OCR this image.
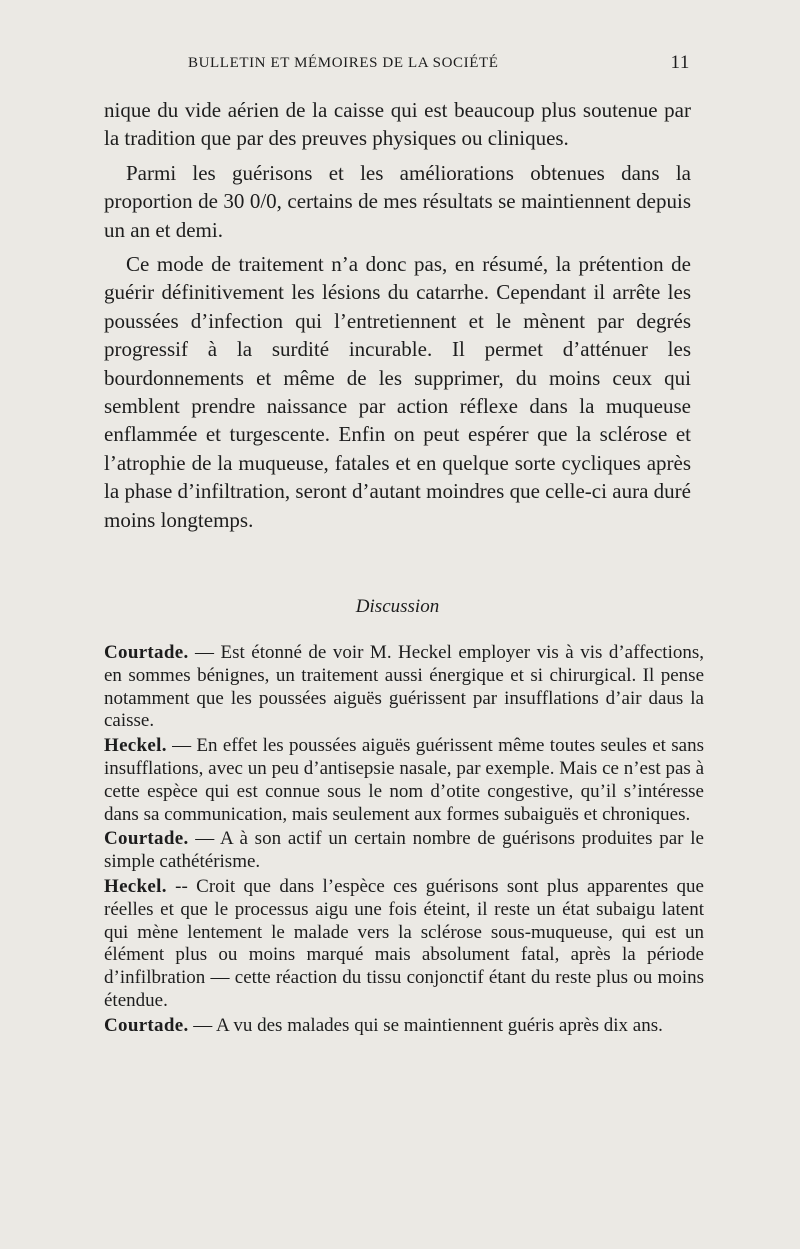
BULLETIN ET MÉMOIRES DE LA SOCIÉTÉ	11

nique du vide aérien de la caisse qui est beaucoup plus soutenue par la tradition que par des preuves physiques ou cliniques.

Parmi les guérisons et les améliorations obtenues dans la proportion de 30 0/0, certains de mes résultats se maintiennent depuis un an et demi.

Ce mode de traitement n’a donc pas, en résumé, la prétention de guérir définitivement les lésions du catarrhe. Cependant il arrête les poussées d’infection qui l’entretiennent et le mènent par degrés progressif à la surdité incurable. Il permet d’atténuer les bourdonnements et même de les supprimer, du moins ceux qui semblent prendre naissance par action réflexe dans la muqueuse enflammée et turgescente. Enfin on peut espérer que la sclérose et l’atrophie de la muqueuse, fatales et en quelque sorte cycliques après la phase d’infiltration, seront d’autant moindres que celle-ci aura duré moins longtemps.

Discussion

Courtade. — Est étonné de voir M. Heckel employer vis à vis d’affections, en sommes bénignes, un traitement aussi énergique et si chirurgical. Il pense notamment que les poussées aiguës guérissent par insufflations d’air daus la caisse.

Heckel. — En effet les poussées aiguës guérissent même toutes seules et sans insufflations, avec un peu d’antisepsie nasale, par exemple. Mais ce n’est pas à cette espèce qui est connue sous le nom d’otite congestive, qu’il s’intéresse dans sa communication, mais seulement aux formes subaiguës et chroniques.

Courtade. — A à son actif un certain nombre de guérisons produites par le simple cathétérisme.

Heckel. -- Croit que dans l’espèce ces guérisons sont plus apparentes que réelles et que le processus aigu une fois éteint, il reste un état subaigu latent qui mène lentement le malade vers la sclérose sous-muqueuse, qui est un élément plus ou moins marqué mais absolument fatal, après la période d’infilbration — cette réaction du tissu conjonctif étant du reste plus ou moins étendue.

Courtade. — A vu des malades qui se maintiennent guéris après dix ans.
